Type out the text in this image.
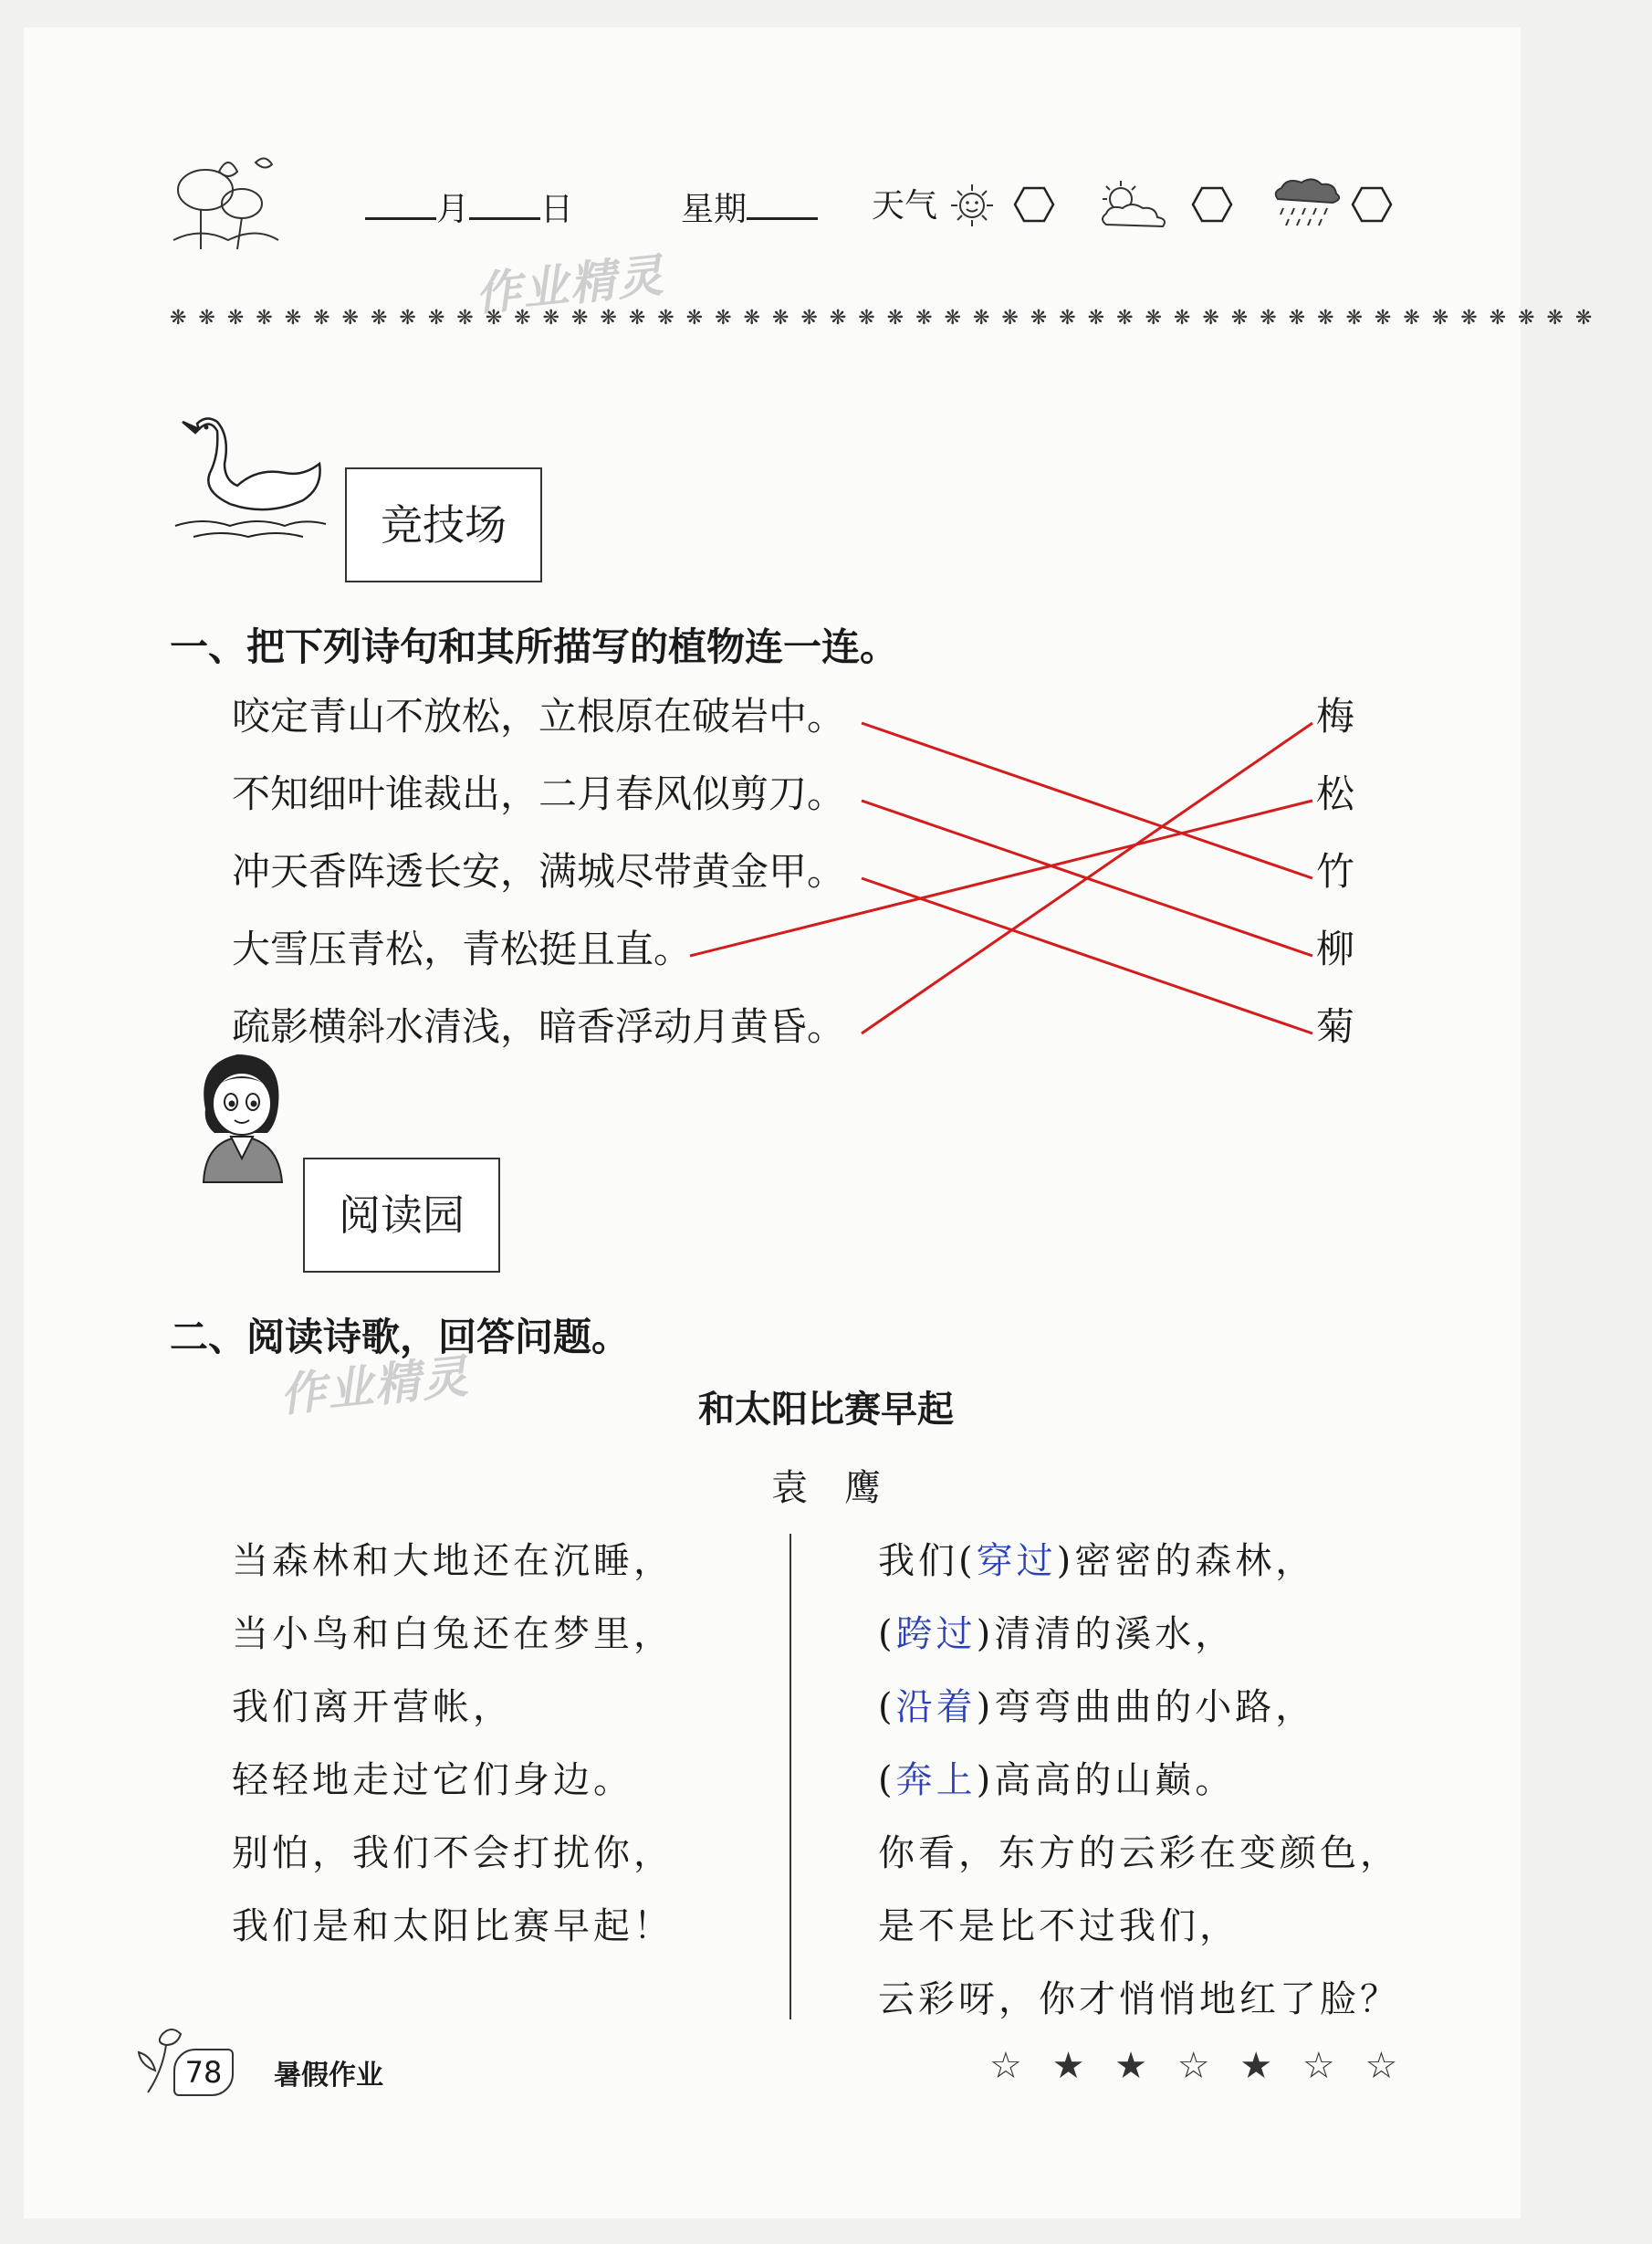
月 日	星期	天气
作业精灵
❋ ❋ ❋ ❋ ❋ ❋ ❋ ❋ ❋ ❋ ❋ ❋ ❋ ❋ ❋ ❋ ❋ ❋ ❋ ❋ ❋ ❋ ❋ ❋ ❋ ❋ ❋ ❋ ❋ ❋ ❋ ❋ ❋ ❋ ❋ ❋ ❋ ❋ ❋ ❋ ❋ ❋ ❋ ❋ ❋ ❋ ❋ ❋ ❋ ❋
竞技场
一、把下列诗句和其所描写的植物连一连。
咬定青山不放松，立根原在破岩中。
不知细叶谁裁出，二月春风似剪刀。
冲天香阵透长安，满城尽带黄金甲。
大雪压青松，青松挺且直。
疏影横斜水清浅，暗香浮动月黄昏。
梅
松
竹
柳
菊
阅读园
二、阅读诗歌，回答问题。
作业精灵	和太阳比赛早起
袁　鹰
当森林和大地还在沉睡，
当小鸟和白兔还在梦里，
我们离开营帐，
轻轻地走过它们身边。
别怕，我们不会打扰你，
我们是和太阳比赛早起！
我们(穿过)密密的森林，
(跨过)清清的溪水，
(沿着)弯弯曲曲的小路，
(奔上)高高的山巅。
你看，东方的云彩在变颜色，
是不是比不过我们，
云彩呀，你才悄悄地红了脸？
78	暑假作业	☆ ★ ★ ☆ ★ ☆ ☆
